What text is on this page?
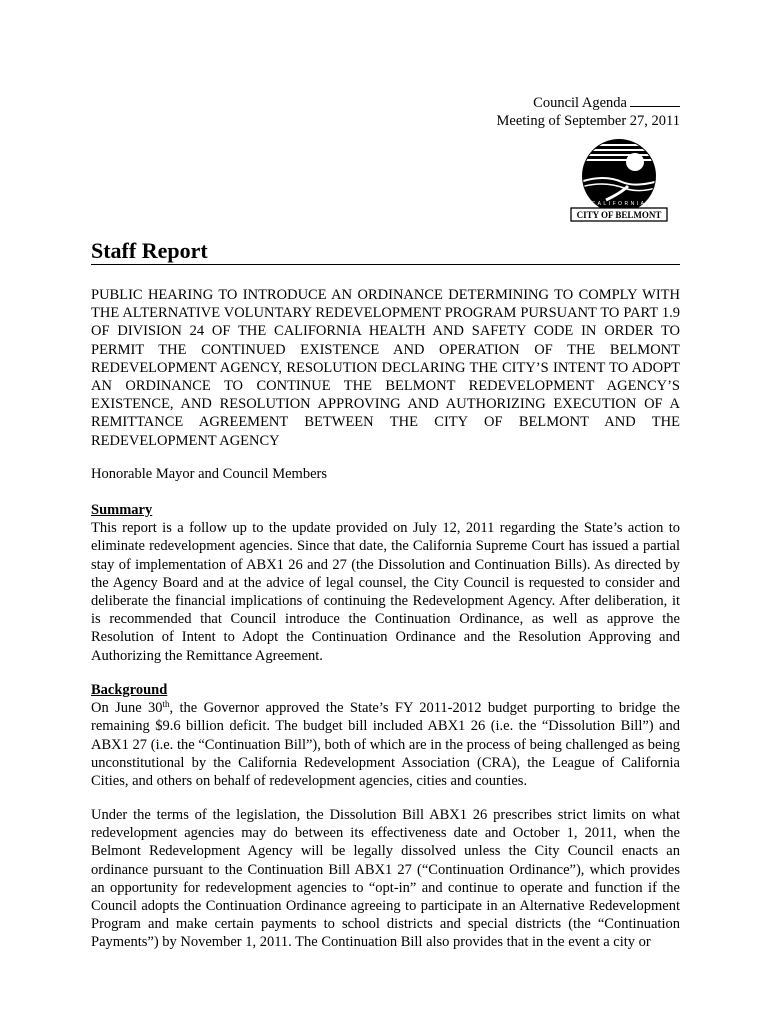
Council Agenda
Meeting of September 27, 2011
CALIFORNIA
CITY OF BELMONT
Staff Report
PUBLIC HEARING TO INTRODUCE AN ORDINANCE DETERMINING TO COMPLY WITH THE ALTERNATIVE VOLUNTARY REDEVELOPMENT PROGRAM PURSUANT TO PART 1.9 OF DIVISION 24 OF THE CALIFORNIA HEALTH AND SAFETY CODE IN ORDER TO PERMIT THE CONTINUED EXISTENCE AND OPERATION OF THE BELMONT REDEVELOPMENT AGENCY, RESOLUTION DECLARING THE CITY’S INTENT TO ADOPT AN ORDINANCE TO CONTINUE THE BELMONT REDEVELOPMENT AGENCY’S EXISTENCE, AND RESOLUTION APPROVING AND AUTHORIZING EXECUTION OF A REMITTANCE AGREEMENT BETWEEN THE CITY OF BELMONT AND THE REDEVELOPMENT AGENCY
Honorable Mayor and Council Members
Summary
This report is a follow up to the update provided on July 12, 2011 regarding the State’s action to eliminate redevelopment agencies. Since that date, the California Supreme Court has issued a partial stay of implementation of ABX1 26 and 27 (the Dissolution and Continuation Bills). As directed by the Agency Board and at the advice of legal counsel, the City Council is requested to consider and deliberate the financial implications of continuing the Redevelopment Agency. After deliberation, it is recommended that Council introduce the Continuation Ordinance, as well as approve the Resolution of Intent to Adopt the Continuation Ordinance and the Resolution Approving and Authorizing the Remittance Agreement.
Background
On June 30th, the Governor approved the State’s FY 2011-2012 budget purporting to bridge the remaining $9.6 billion deficit. The budget bill included ABX1 26 (i.e. the “Dissolution Bill”) and ABX1 27 (i.e. the “Continuation Bill”), both of which are in the process of being challenged as being unconstitutional by the California Redevelopment Association (CRA), the League of California Cities, and others on behalf of redevelopment agencies, cities and counties.
Under the terms of the legislation, the Dissolution Bill ABX1 26 prescribes strict limits on what redevelopment agencies may do between its effectiveness date and October 1, 2011, when the Belmont Redevelopment Agency will be legally dissolved unless the City Council enacts an ordinance pursuant to the Continuation Bill ABX1 27 (“Continuation Ordinance”), which provides an opportunity for redevelopment agencies to “opt-in” and continue to operate and function if the Council adopts the Continuation Ordinance agreeing to participate in an Alternative Redevelopment Program and make certain payments to school districts and special districts (the “Continuation Payments”) by November 1, 2011. The Continuation Bill also provides that in the event a city or
